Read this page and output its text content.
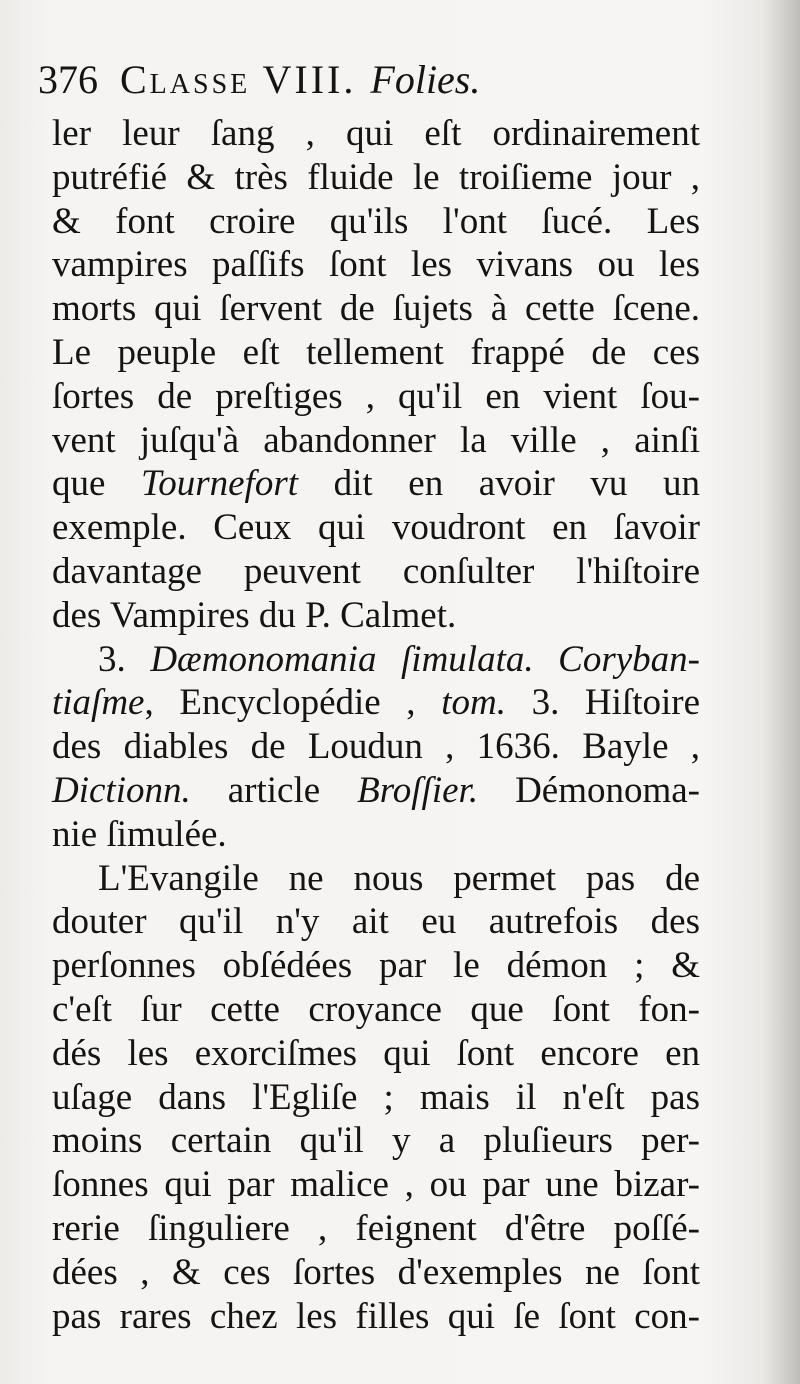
376 Classe VIII. Folies.
ler leur ſang , qui eſt ordinairement
putréfié & très fluide le troiſieme jour ,
& font croire qu'ils l'ont ſucé. Les
vampires paſſifs ſont les vivans ou les
morts qui ſervent de ſujets à cette ſcene.
Le peuple eſt tellement frappé de ces
ſortes de preſtiges , qu'il en vient ſou-
vent juſqu'à abandonner la ville , ainſi
que Tournefort dit en avoir vu un
exemple. Ceux qui voudront en ſavoir
davantage peuvent conſulter l'hiſtoire
des Vampires du P. Calmet.
3. Dæmonomania ſimulata. Coryban-
tiaſme, Encyclopédie , tom. 3. Hiſtoire
des diables de Loudun , 1636. Bayle ,
Dictionn. article Broſſier. Démonoma-
nie ſimulée.
L'Evangile ne nous permet pas de
douter qu'il n'y ait eu autrefois des
perſonnes obſédées par le démon ; &
c'eſt ſur cette croyance que ſont fon-
dés les exorciſmes qui ſont encore en
uſage dans l'Egliſe ; mais il n'eſt pas
moins certain qu'il y a pluſieurs per-
ſonnes qui par malice , ou par une bizar-
rerie ſinguliere , feignent d'être poſſé-
dées , & ces ſortes d'exemples ne ſont
pas rares chez les filles qui ſe ſont con-
